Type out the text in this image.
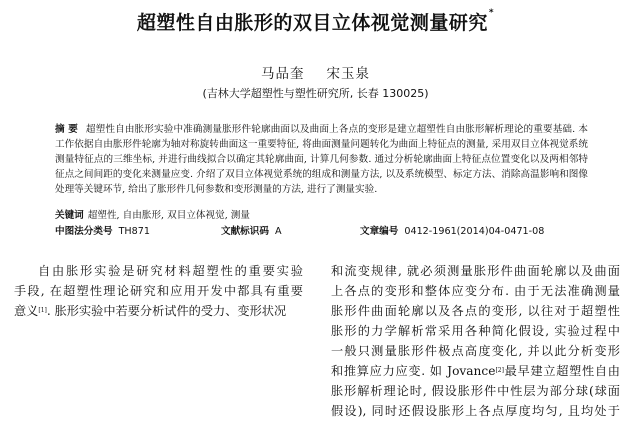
超塑性自由胀形的双目立体视觉测量研究*
马品奎 宋玉泉
(吉林大学超塑性与塑性研究所, 长春 130025)
摘 要 超塑性自由胀形实验中准确测量胀形件轮廓曲面以及曲面上各点的变形是建立超塑性自由胀形解析理论的重要基础. 本工作依据自由胀形件轮廓为轴对称旋转曲面这一重要特征, 将曲面测量问题转化为曲面上特征点的测量, 采用双目立体视觉系统测量特征点的三维坐标, 并进行曲线拟合以确定其轮廓曲面, 计算几何参数. 通过分析轮廓曲面上特征点位置变化以及两相邻特征点之间间距的变化来测量应变. 介绍了双目立体视觉系统的组成和测量方法, 以及系统模型、标定方法、消除高温影响和图像处理等关键环节, 给出了胀形件几何参数和变形测量的方法, 进行了测量实验.
关键词 超塑性, 自由胀形, 双目立体视觉, 测量
中图法分类号 TH871	文献标识码 A	文章编号 0412-1961(2014)04-0471-08
自由胀形实验是研究材料超塑性的重要实验
手段, 在超塑性理论研究和应用开发中都具有重要
意义[1]. 胀形实验中若要分析试件的受力、变形状况
和流变规律, 就必须测量胀形件曲面轮廓以及曲面
上各点的变形和整体应变分布. 由于无法准确测量
胀形件曲面轮廓以及各点的变形, 以往对于超塑性
胀形的力学解析常采用各种简化假设, 实验过程中
一般只测量胀形件极点高度变化, 并以此分析变形
和推算应力应变. 如 Jovance[2]最早建立超塑性自由
胀形解析理论时, 假设胀形件中性层为部分球(球面
假设), 同时还假设胀形上各点厚度均匀, 且均处于
